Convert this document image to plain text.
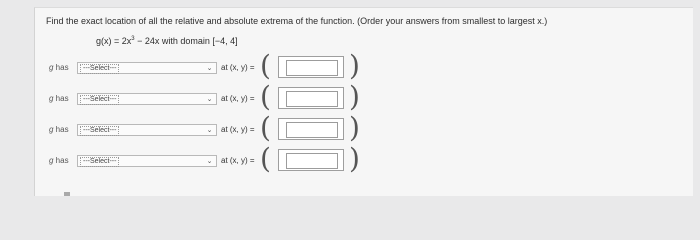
Find the exact location of all the relative and absolute extrema of the function. (Order your answers from smallest to largest x.)
$g(x) = 2x^3 - 24x$ with domain [−4, 4]
g has	---Select---	⌄ at (x, y) = (	)
g has	---Select---	⌄ at (x, y) = (	)
g has	---Select---	⌄ at (x, y) = (	)
g has	---Select---	⌄ at (x, y) = (	)
